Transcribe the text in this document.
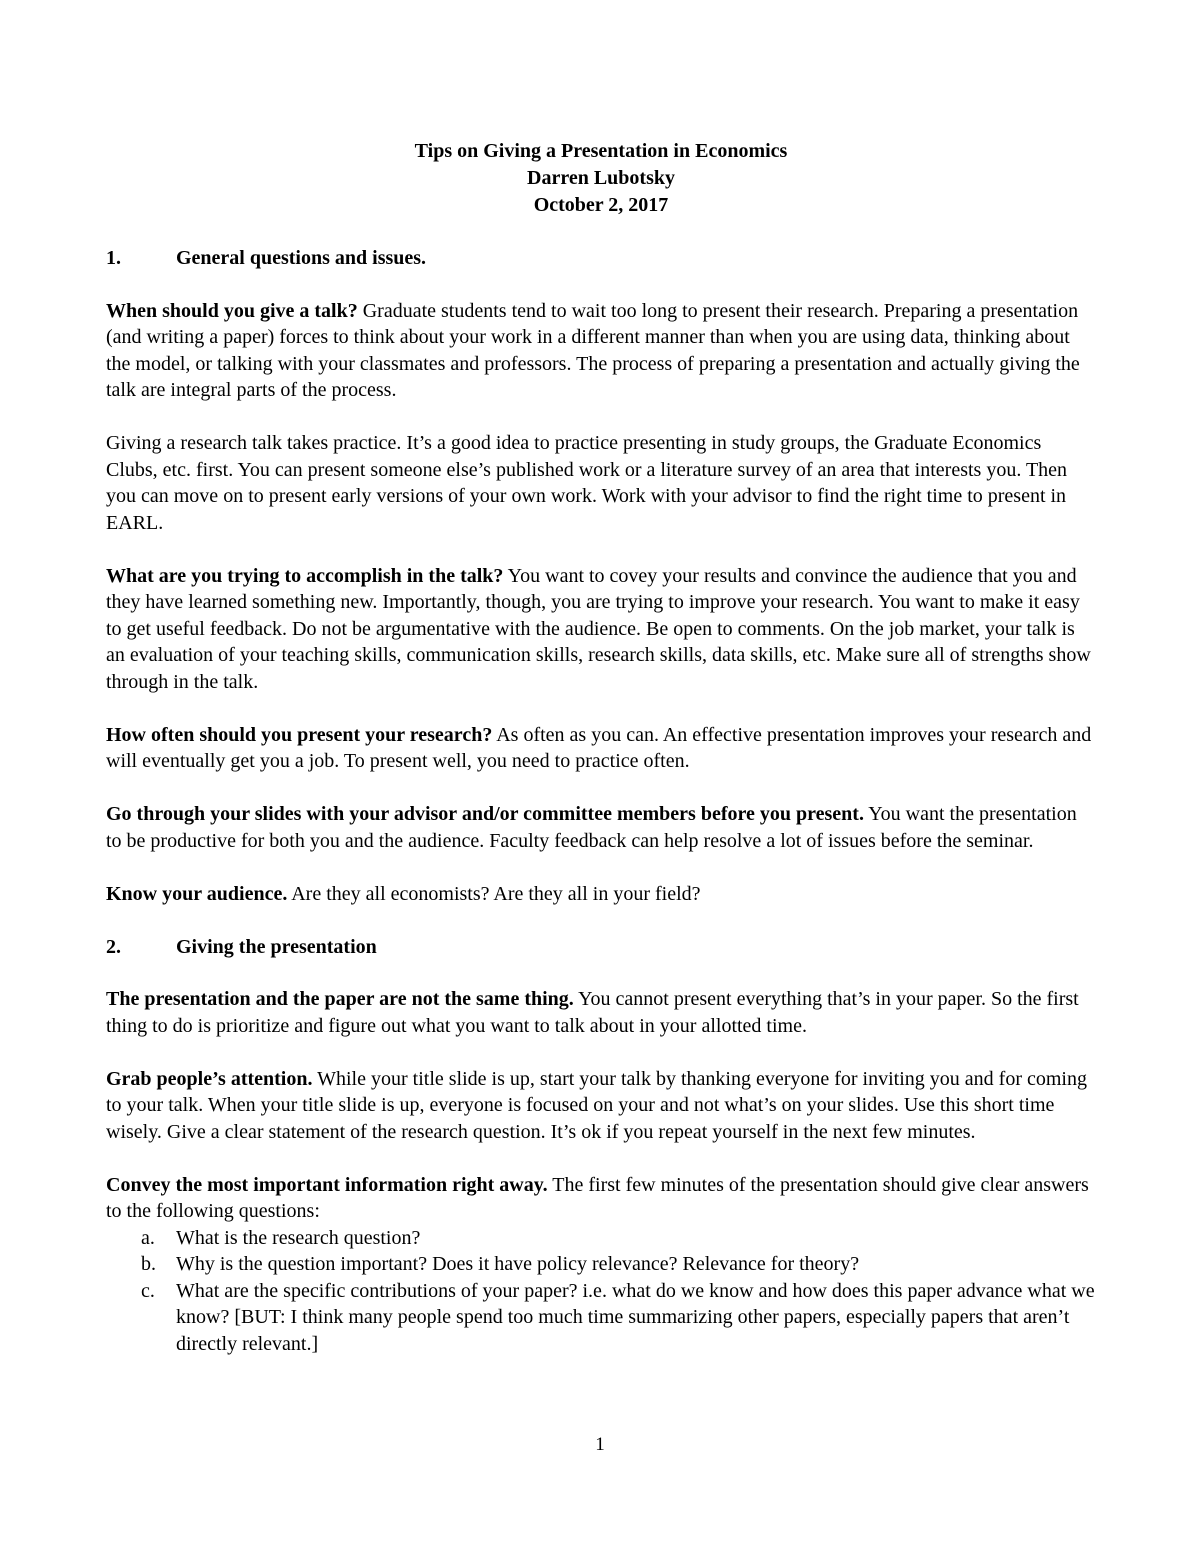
Tips on Giving a Presentation in Economics
Darren Lubotsky
October 2, 2017
1.	General questions and issues.

When should you give a talk? Graduate students tend to wait too long to present their research. Preparing a presentation (and writing a paper) forces to think about your work in a different manner than when you are using data, thinking about the model, or talking with your classmates and professors. The process of preparing a presentation and actually giving the talk are integral parts of the process.

Giving a research talk takes practice. It’s a good idea to practice presenting in study groups, the Graduate Economics Clubs, etc. first. You can present someone else’s published work or a literature survey of an area that interests you. Then you can move on to present early versions of your own work. Work with your advisor to find the right time to present in EARL.

What are you trying to accomplish in the talk? You want to covey your results and convince the audience that you and they have learned something new. Importantly, though, you are trying to improve your research. You want to make it easy to get useful feedback. Do not be argumentative with the audience. Be open to comments. On the job market, your talk is an evaluation of your teaching skills, communication skills, research skills, data skills, etc. Make sure all of strengths show through in the talk.

How often should you present your research? As often as you can. An effective presentation improves your research and will eventually get you a job. To present well, you need to practice often.

Go through your slides with your advisor and/or committee members before you present. You want the presentation to be productive for both you and the audience. Faculty feedback can help resolve a lot of issues before the seminar.

Know your audience. Are they all economists? Are they all in your field?

2.	Giving the presentation

The presentation and the paper are not the same thing. You cannot present everything that’s in your paper. So the first thing to do is prioritize and figure out what you want to talk about in your allotted time.

Grab people’s attention. While your title slide is up, start your talk by thanking everyone for inviting you and for coming to your talk. When your title slide is up, everyone is focused on your and not what’s on your slides. Use this short time wisely. Give a clear statement of the research question. It’s ok if you repeat yourself in the next few minutes.

Convey the most important information right away. The first few minutes of the presentation should give clear answers to the following questions:

a. What is the research question?
b. Why is the question important? Does it have policy relevance? Relevance for theory?
c. What are the specific contributions of your paper? i.e. what do we know and how does this paper advance what we know? [BUT: I think many people spend too much time summarizing other papers, especially papers that aren’t directly relevant.]
1
